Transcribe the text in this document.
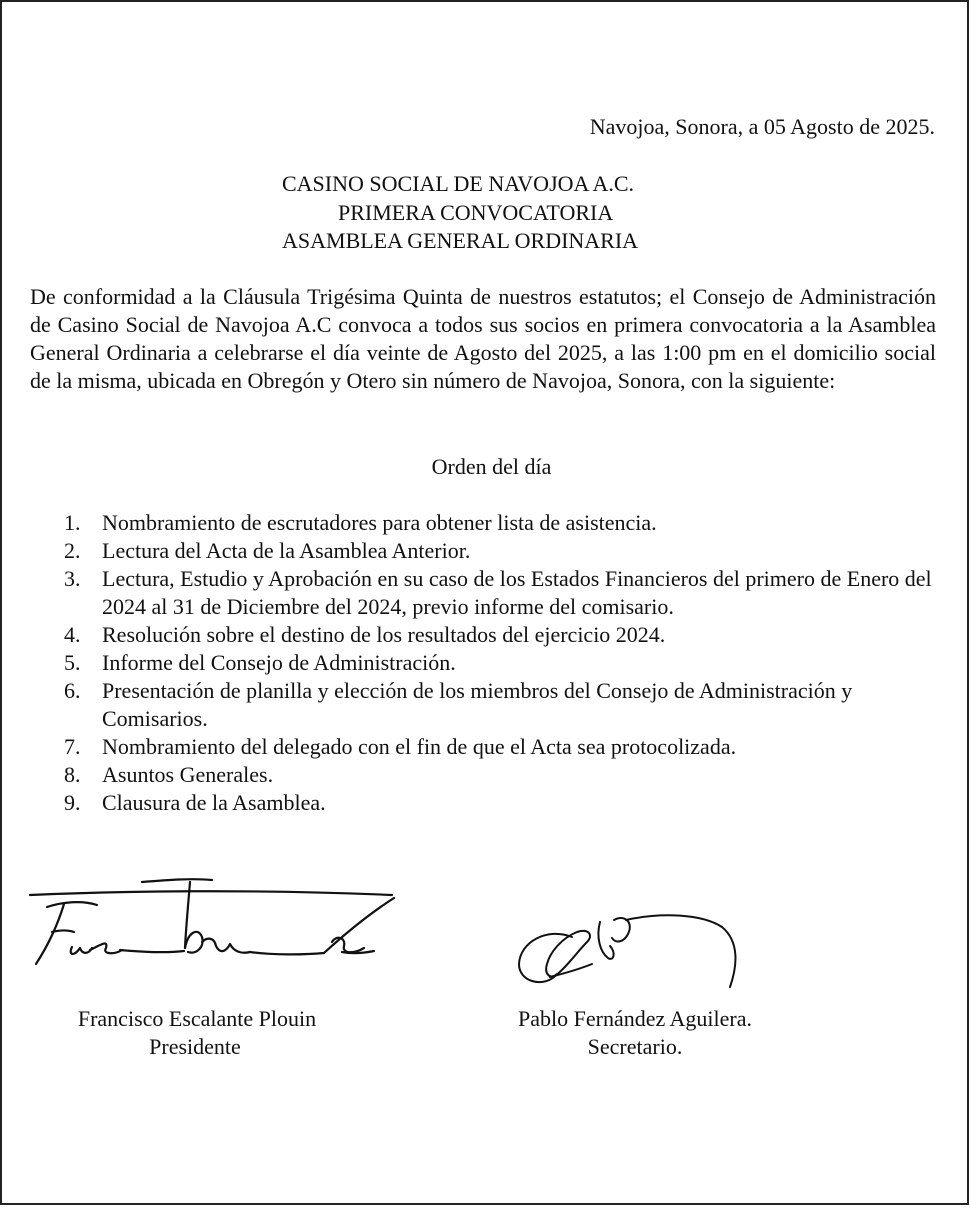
Navojoa, Sonora, a 05 Agosto de 2025.
CASINO SOCIAL DE NAVOJOA A.C.
PRIMERA CONVOCATORIA
ASAMBLEA GENERAL ORDINARIA

De conformidad a la Cláusula Trigésima Quinta de nuestros estatutos; el Consejo de Administración de Casino Social de Navojoa A.C convoca a todos sus socios en primera convocatoria a la Asamblea General Ordinaria a celebrarse el día veinte de Agosto del 2025, a las 1:00 pm en el domicilio social de la misma, ubicada en Obregón y Otero sin número de Navojoa, Sonora, con la siguiente:

Orden del día
1. Nombramiento de escrutadores para obtener lista de asistencia.
2. Lectura del Acta de la Asamblea Anterior.
3. Lectura, Estudio y Aprobación en su caso de los Estados Financieros del primero de Enero del 2024 al 31 de Diciembre del 2024, previo informe del comisario.
4. Resolución sobre el destino de los resultados del ejercicio 2024.
5. Informe del Consejo de Administración.
6. Presentación de planilla y elección de los miembros del Consejo de Administración y Comisarios.
7. Nombramiento del delegado con el fin de que el Acta sea protocolizada.
8. Asuntos Generales.
9. Clausura de la Asamblea.
Francisco Escalante Plouin
Presidente
Pablo Fernández Aguilera.
Secretario.
